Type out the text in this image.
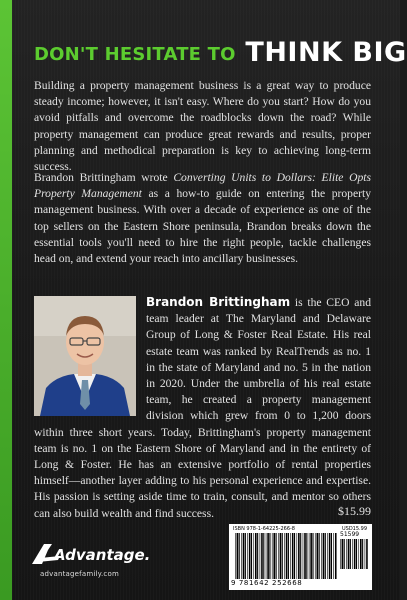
DON'T HESITATE TO THINK BIG

Building a property management business is a great way to produce steady income; however, it isn't easy. Where do you start? How do you avoid pitfalls and overcome the roadblocks down the road? While property management can produce great rewards and results, proper planning and methodical preparation is key to achieving long-term success.

Brandon Brittingham wrote Converting Units to Dollars: Elite Opts Property Management as a how-to guide on entering the property management business. With over a decade of experience as one of the top sellers on the Eastern Shore peninsula, Brandon breaks down the essential tools you'll need to hire the right people, tackle challenges head on, and extend your reach into ancillary businesses.

Brandon Brittingham is the CEO and team leader at The Maryland and Delaware Group of Long & Foster Real Estate. His real estate team was ranked by RealTrends as no. 1 in the state of Maryland and no. 5 in the nation in 2020. Under the umbrella of his real estate team, he created a property management division which grew from 0 to 1,200 doors within three short years. Today, Brittingham's property management team is no. 1 on the Eastern Shore of Maryland and in the entirety of Long & Foster. He has an extensive portfolio of rental properties himself—another layer adding to his personal experience and expertise. His passion is setting aside time to train, consult, and mentor so others can also build wealth and find success.	$15.99

ISBN 978-1-64225-266-8	USD15.99
51599
9 781642 252668
Advantage.
advantagefamily.com
